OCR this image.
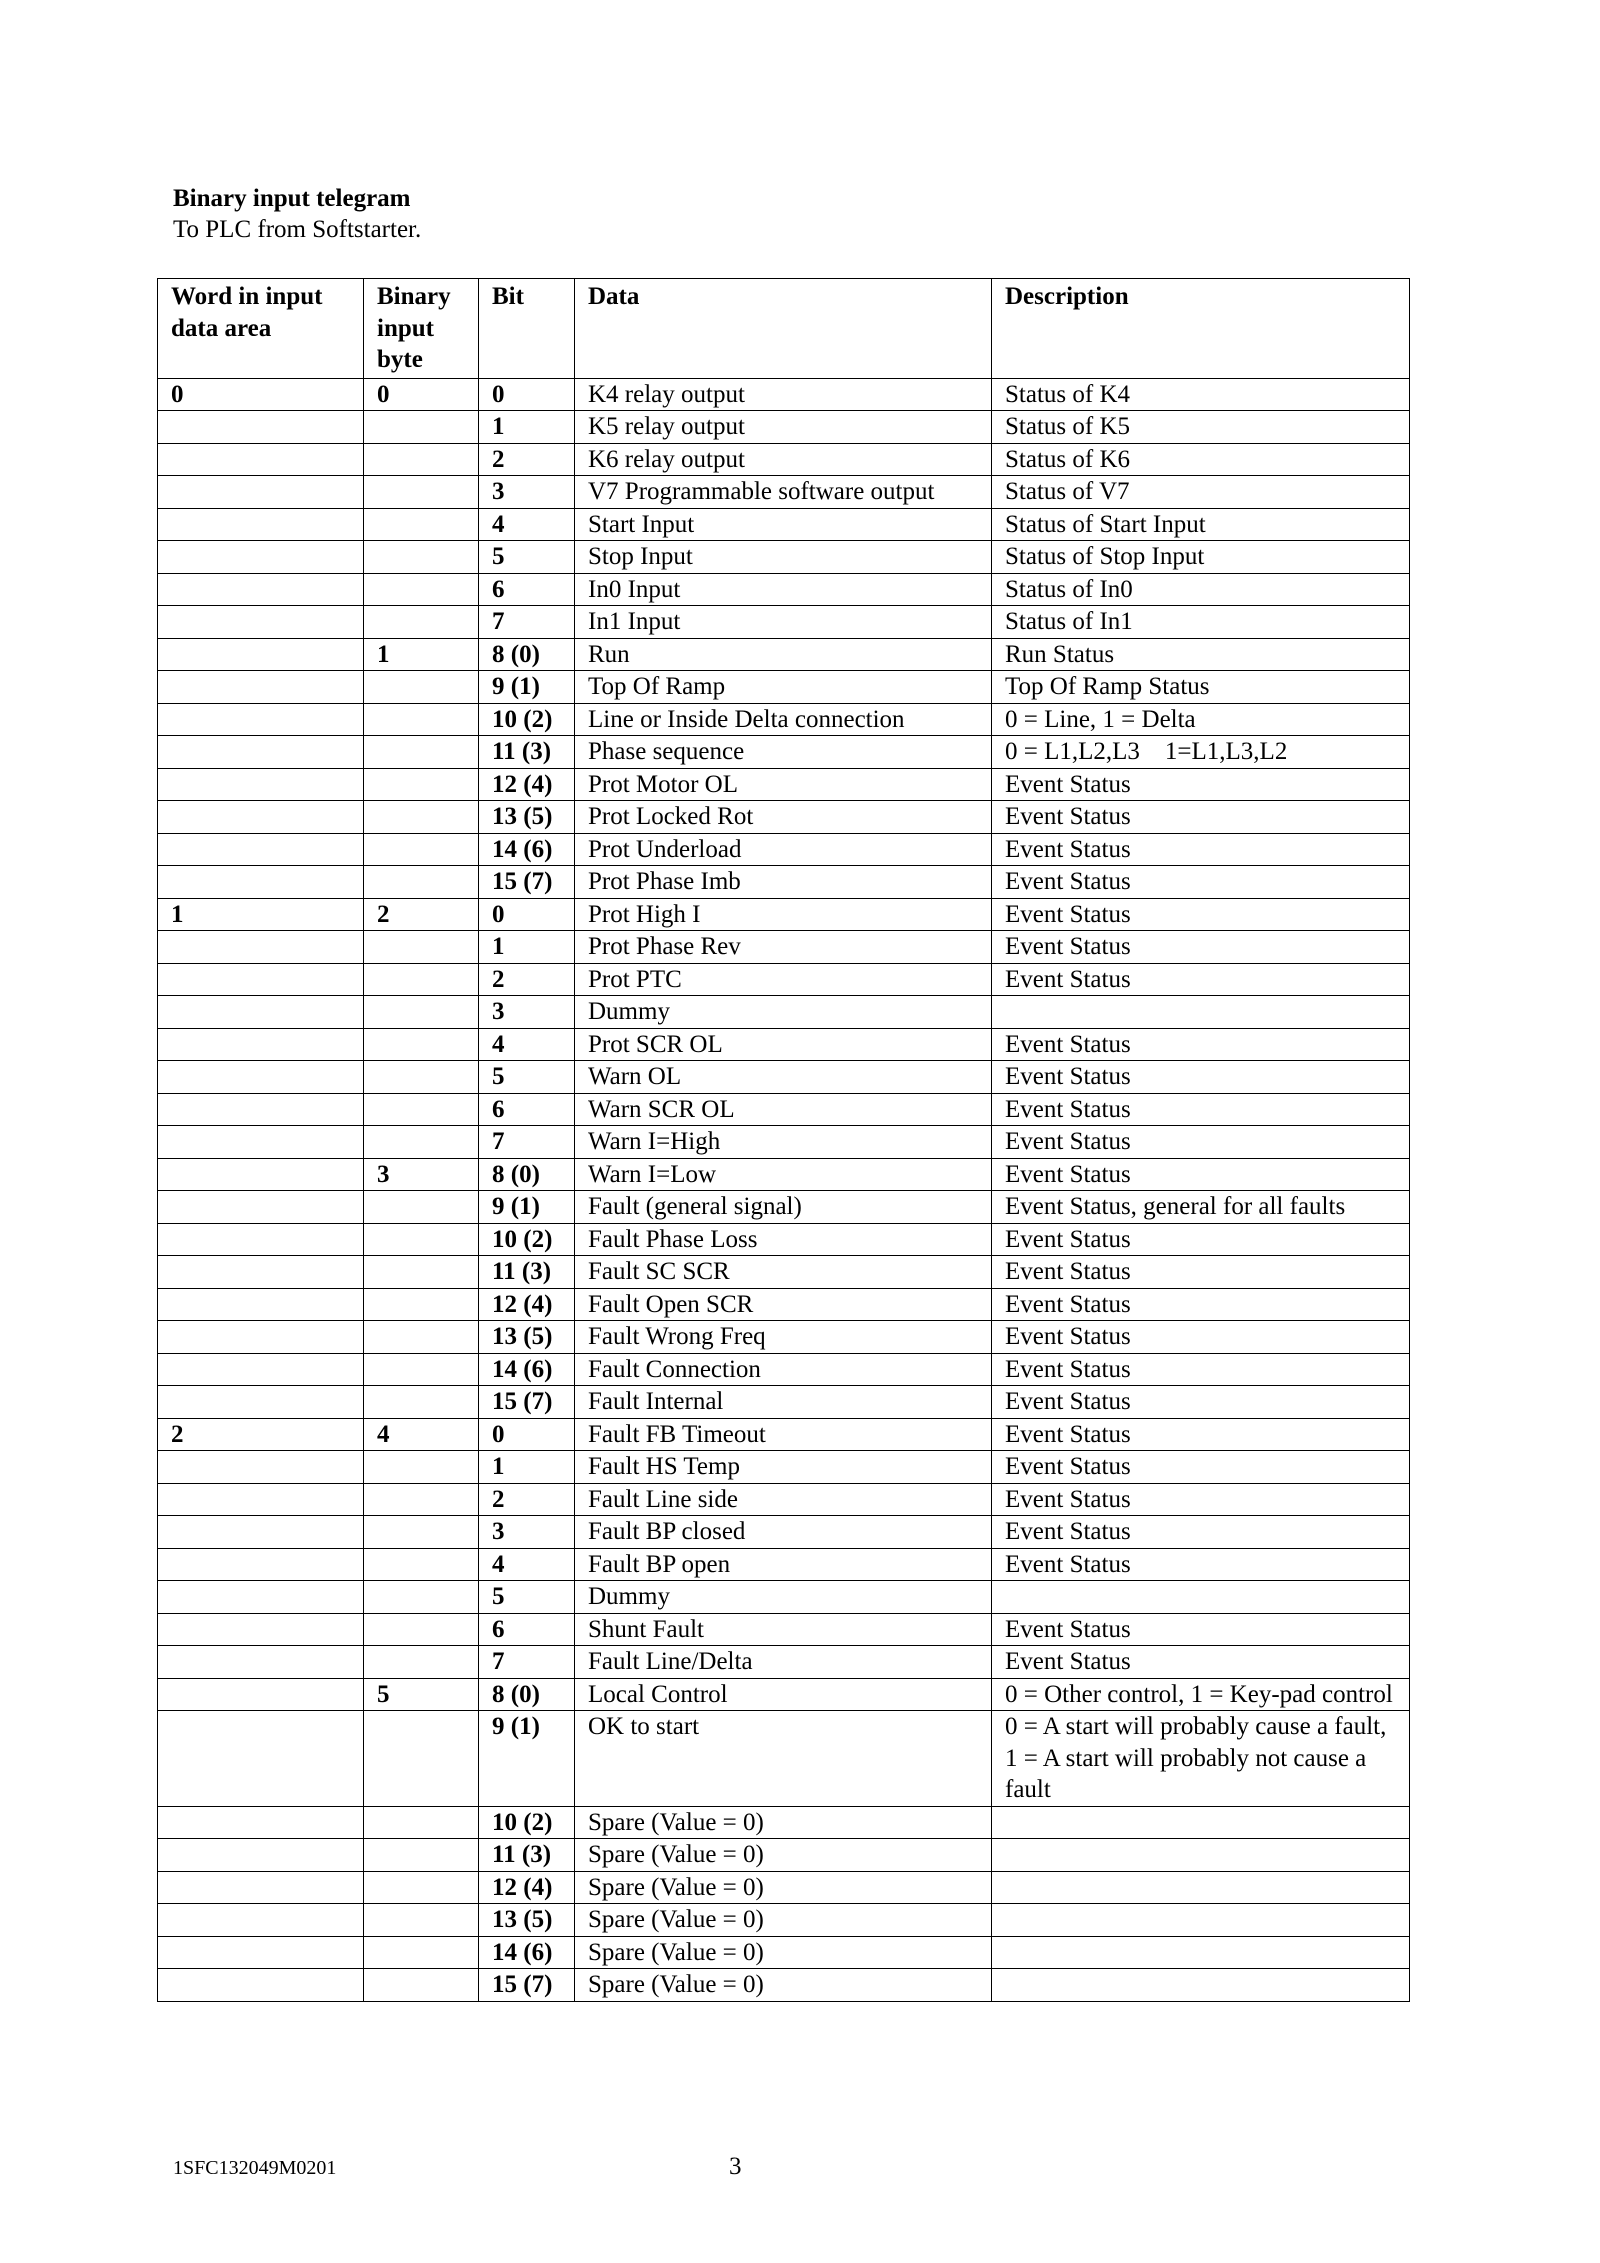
Binary input telegram
To PLC from Softstarter.
Word in input data area	Binary input byte	Bit	Data	Description
0	0	0	K4 relay output	Status of K4
		1	K5 relay output	Status of K5
		2	K6 relay output	Status of K6
		3	V7 Programmable software output	Status of V7
		4	Start Input	Status of Start Input
		5	Stop Input	Status of Stop Input
		6	In0 Input	Status of In0
		7	In1 Input	Status of In1
	1	8 (0)	Run	Run Status
		9 (1)	Top Of Ramp	Top Of Ramp Status
		10 (2)	Line or Inside Delta connection	0 = Line, 1 = Delta
		11 (3)	Phase sequence	0 = L1,L2,L3    1=L1,L3,L2
		12 (4)	Prot Motor OL	Event Status
		13 (5)	Prot Locked Rot	Event Status
		14 (6)	Prot Underload	Event Status
		15 (7)	Prot Phase Imb	Event Status
1	2	0	Prot High I	Event Status
		1	Prot Phase Rev	Event Status
		2	Prot PTC	Event Status
		3	Dummy	
		4	Prot SCR OL	Event Status
		5	Warn OL	Event Status
		6	Warn SCR OL	Event Status
		7	Warn I=High	Event Status
	3	8 (0)	Warn I=Low	Event Status
		9 (1)	Fault (general signal)	Event Status, general for all faults
		10 (2)	Fault Phase Loss	Event Status
		11 (3)	Fault SC SCR	Event Status
		12 (4)	Fault Open SCR	Event Status
		13 (5)	Fault Wrong Freq	Event Status
		14 (6)	Fault Connection	Event Status
		15 (7)	Fault Internal	Event Status
2	4	0	Fault FB Timeout	Event Status
		1	Fault HS Temp	Event Status
		2	Fault Line side	Event Status
		3	Fault BP closed	Event Status
		4	Fault BP open	Event Status
		5	Dummy	
		6	Shunt Fault	Event Status
		7	Fault Line/Delta	Event Status
	5	8 (0)	Local Control	0 = Other control, 1 = Key-pad control
		9 (1)	OK to start	0 = A start will probably cause a fault, 1 = A start will probably not cause a fault
		10 (2)	Spare (Value = 0)	
		11 (3)	Spare (Value = 0)	
		12 (4)	Spare (Value = 0)	
		13 (5)	Spare (Value = 0)	
		14 (6)	Spare (Value = 0)	
		15 (7)	Spare (Value = 0)	
1SFC132049M0201	3
